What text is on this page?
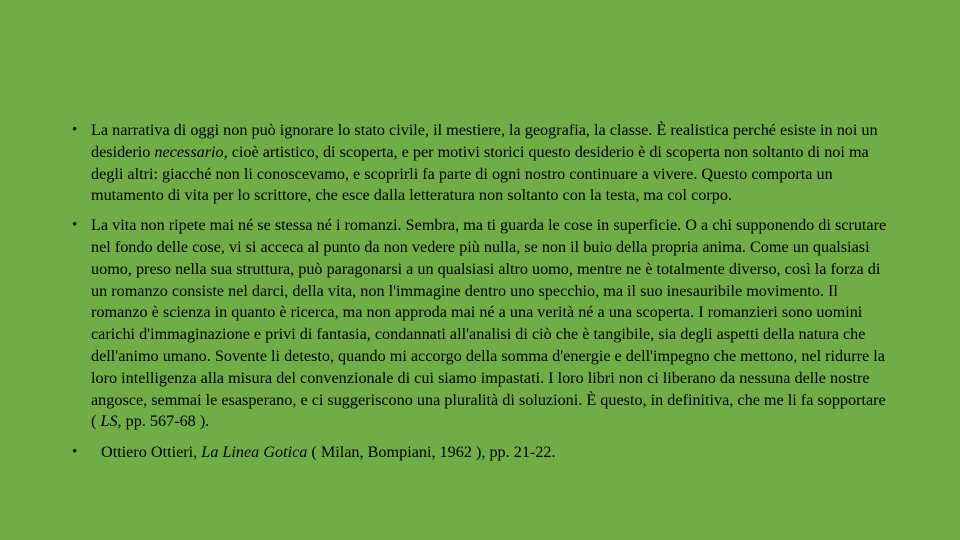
• La narrativa di oggi non può ignorare lo stato civile, il mestiere, la geografia, la classe. È realistica perché esiste in noi un desiderio necessario, cioè artistico, di scoperta, e per motivi storici questo desiderio è di scoperta non soltanto di noi ma degli altri: giacché non li conoscevamo, e scoprirli fa parte di ogni nostro continuare a vivere. Questo comporta un mutamento di vita per lo scrittore, che esce dalla letteratura non soltanto con la testa, ma col corpo.

• La vita non ripete mai né se stessa né i romanzi. Sembra, ma ti guarda le cose in superficie. O a chi supponendo di scrutare nel fondo delle cose, vi si acceca al punto da non vedere più nulla, se non il buio della propria anima. Come un qualsiasi uomo, preso nella sua struttura, può paragonarsi a un qualsiasi altro uomo, mentre ne è totalmente diverso, così la forza di un romanzo consiste nel darci, della vita, non l'immagine dentro uno specchio, ma il suo inesauribile movimento. Il romanzo è scienza in quanto è ricerca, ma non approda mai né a una verità né a una scoperta. I romanzieri sono uomini carichi d'immaginazione e privi di fantasia, condannati all'analisi di ciò che è tangibile, sia degli aspetti della natura che dell'animo umano. Sovente li detesto, quando mi accorgo della somma d'energie e dell'impegno che mettono, nel ridurre la loro intelligenza alla misura del convenzionale di cui siamo impastati. I loro libri non ci liberano da nessuna delle nostre angosce, semmai le esasperano, e ci suggeriscono una pluralità di soluzioni. È questo, in definitiva, che me li fa sopportare ( LS, pp. 567-68 ).

• Ottiero Ottieri, La Linea Gotica ( Milan, Bompiani, 1962 ), pp. 21-22.
